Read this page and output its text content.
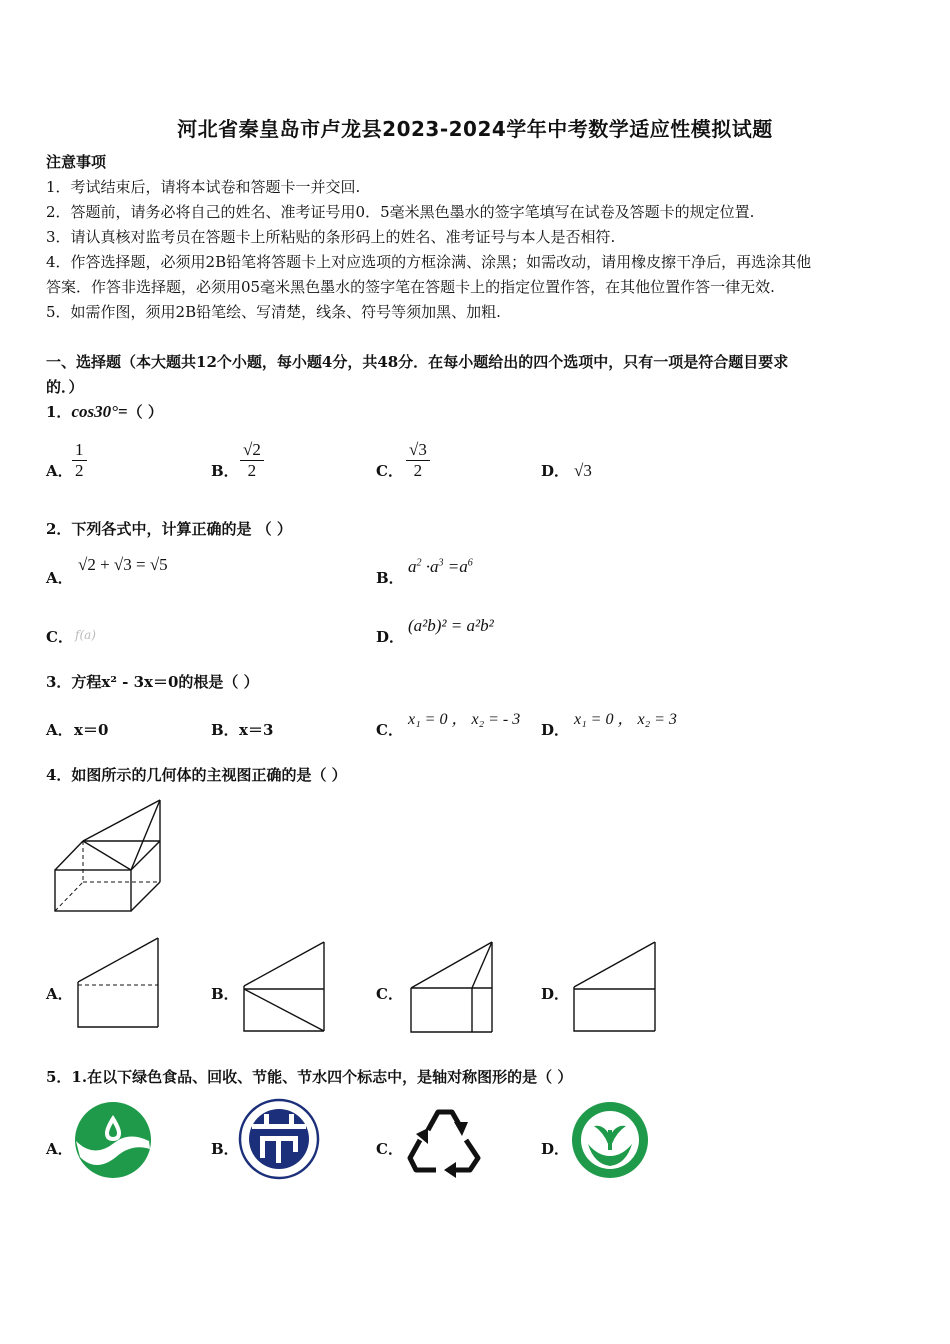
河北省秦皇岛市卢龙县2023-2024学年中考数学适应性模拟试题
注意事项
1．考试结束后，请将本试卷和答题卡一并交回.
2．答题前，请务必将自己的姓名、准考证号用0．5毫米黑色墨水的签字笔填写在试卷及答题卡的规定位置.
3．请认真核对监考员在答题卡上所粘贴的条形码上的姓名、准考证号与本人是否相符.
4．作答选择题，必须用2B铅笔将答题卡上对应选项的方框涂满、涂黑；如需改动，请用橡皮擦干净后，再选涂其他
答案．作答非选择题，必须用05毫米黑色墨水的签字笔在答题卡上的指定位置作答，在其他位置作答一律无效.
5．如需作图，须用2B铅笔绘、写清楚，线条、符号等须加黑、加粗.
一、选择题（本大题共12个小题，每小题4分，共48分．在每小题给出的四个选项中，只有一项是符合题目要求
的．）
1．cos30°=（ ）
A． $\frac{1}{2}$	B． $\frac{√2}{2}$	C． $\frac{√3}{2}$	D． √3
2．下列各式中，计算正确的是 （ ）
A．
√2 + √3 = √5
B．
$a^2 \cdot a^3 =a^6$
C． f(a)	D．
(a²b)² = a²b²
3．方程x² - 3x＝0的根是（ ）
A． x＝0	B． x＝3	C．
x₁ = 0 ， x₂ = - 3
D．
x₁ = 0 ， x₂ = 3
4．如图所示的几何体的主视图正确的是（ ）
A．	B．	C．	D．
5．1.在以下绿色食品、回收、节能、节水四个标志中，是轴对称图形的是（ ）
A．	B．	C．	D．
